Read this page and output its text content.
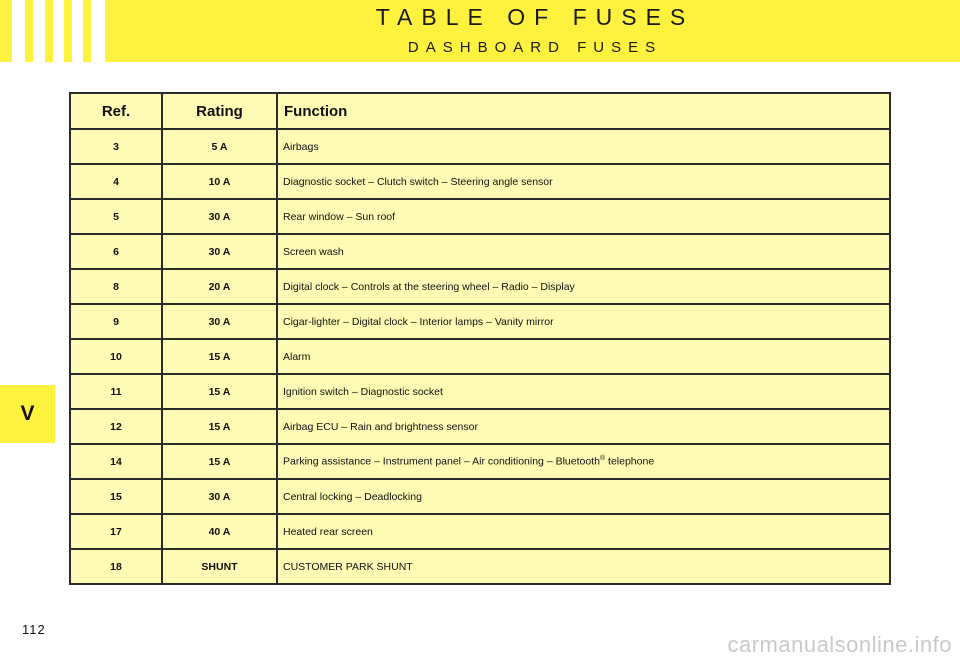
TABLE OF FUSES
DASHBOARD FUSES
Ref.	Rating	Function
3	5 A	Airbags
4	10 A	Diagnostic socket – Clutch switch – Steering angle sensor
5	30 A	Rear window – Sun roof
6	30 A	Screen wash
8	20 A	Digital clock – Controls at the steering wheel – Radio – Display
9	30 A	Cigar-lighter – Digital clock – Interior lamps – Vanity mirror
10	15 A	Alarm
11	15 A	Ignition switch – Diagnostic socket
12	15 A	Airbag ECU – Rain and brightness sensor
14	15 A	Parking assistance – Instrument panel – Air conditioning – Bluetooth® telephone
15	30 A	Central locking – Deadlocking
17	40 A	Heated rear screen
18	SHUNT	CUSTOMER PARK SHUNT
V
112
carmanualsonline.info
